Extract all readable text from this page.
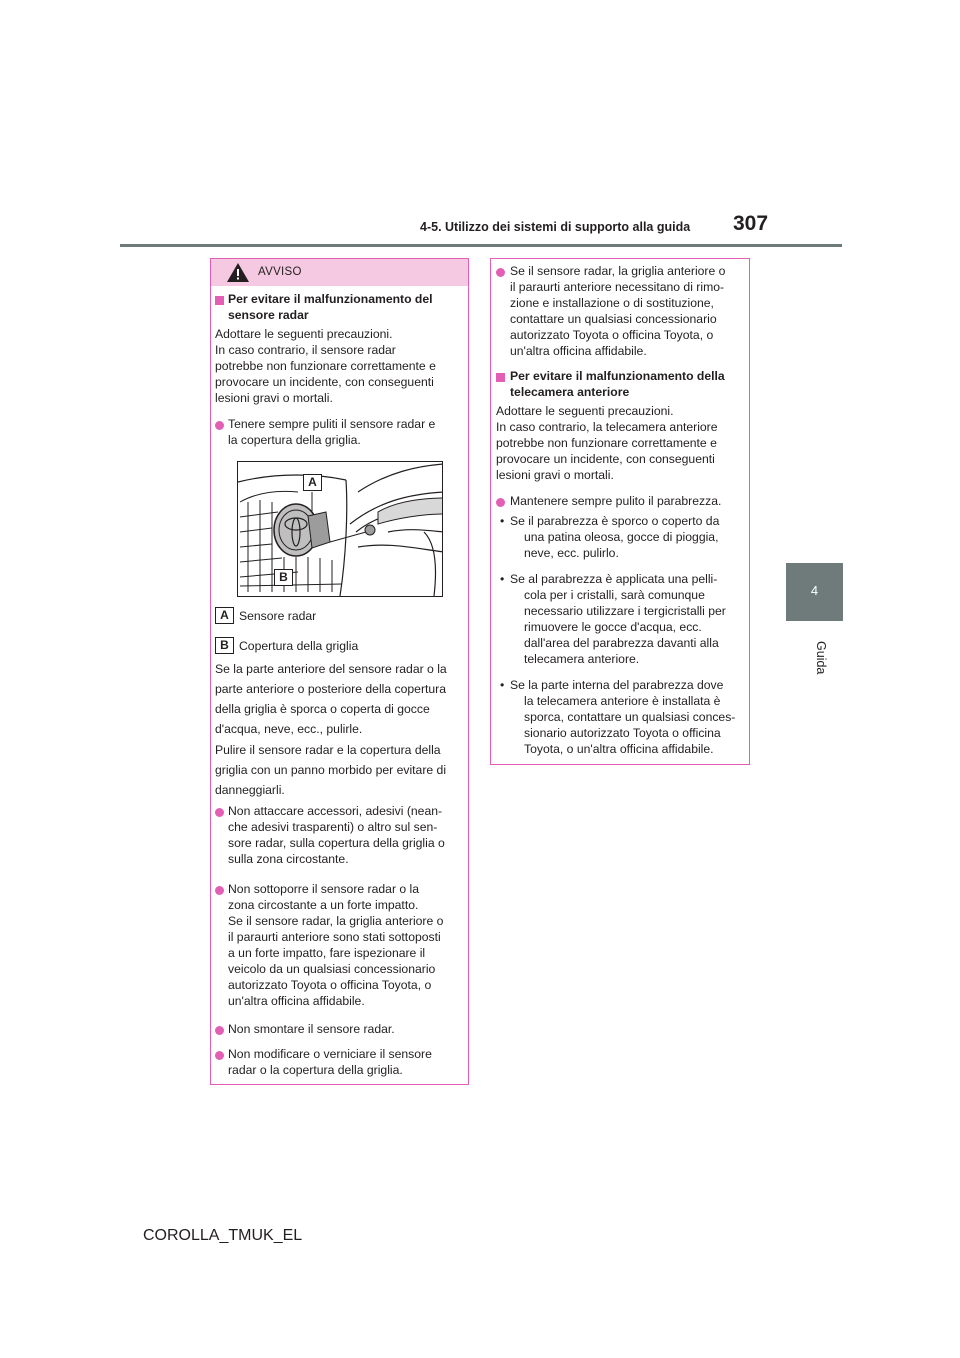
4-5. Utilizzo dei sistemi di supporto alla guida 307
4
Guida
AVVISO
Per evitare il malfunzionamento del sensore radar
Adottare le seguenti precauzioni.
In caso contrario, il sensore radar
potrebbe non funzionare correttamente e
provocare un incidente, con conseguenti
lesioni gravi o mortali.
Tenere sempre puliti il sensore radar e
la copertura della griglia.
Non attaccare accessori, adesivi (nean-
che adesivi trasparenti) o altro sul sen-
sore radar, sulla copertura della griglia o
sulla zona circostante.
Non sottoporre il sensore radar o la
zona circostante a un forte impatto.
Se il sensore radar, la griglia anteriore o
il paraurti anteriore sono stati sottoposti
a un forte impatto, fare ispezionare il
veicolo da un qualsiasi concessionario
autorizzato Toyota o officina Toyota, o
un'altra officina affidabile.
Non smontare il sensore radar.
Non modificare o verniciare il sensore
radar o la copertura della griglia.
A
B
A Sensore radar
B Copertura della griglia
Se la parte anteriore del sensore radar o la
parte anteriore o posteriore della copertura
della griglia è sporca o coperta di gocce
d'acqua, neve, ecc., pulirle.
Pulire il sensore radar e la copertura della
griglia con un panno morbido per evitare di
danneggiarli.
Se il sensore radar, la griglia anteriore o
il paraurti anteriore necessitano di rimo-
zione e installazione o di sostituzione,
contattare un qualsiasi concessionario
autorizzato Toyota o officina Toyota, o
un'altra officina affidabile.
Per evitare il malfunzionamento della telecamera anteriore
Adottare le seguenti precauzioni.
In caso contrario, la telecamera anteriore
potrebbe non funzionare correttamente e
provocare un incidente, con conseguenti
lesioni gravi o mortali.
Mantenere sempre pulito il parabrezza.
• Se il parabrezza è sporco o coperto da
una patina oleosa, gocce di pioggia,
neve, ecc. pulirlo.
• Se al parabrezza è applicata una pelli-
cola per i cristalli, sarà comunque
necessario utilizzare i tergicristalli per
rimuovere le gocce d'acqua, ecc.
dall'area del parabrezza davanti alla
telecamera anteriore.
• Se la parte interna del parabrezza dove
la telecamera anteriore è installata è
sporca, contattare un qualsiasi conces-
sionario autorizzato Toyota o officina
Toyota, o un'altra officina affidabile.
COROLLA_TMUK_EL
